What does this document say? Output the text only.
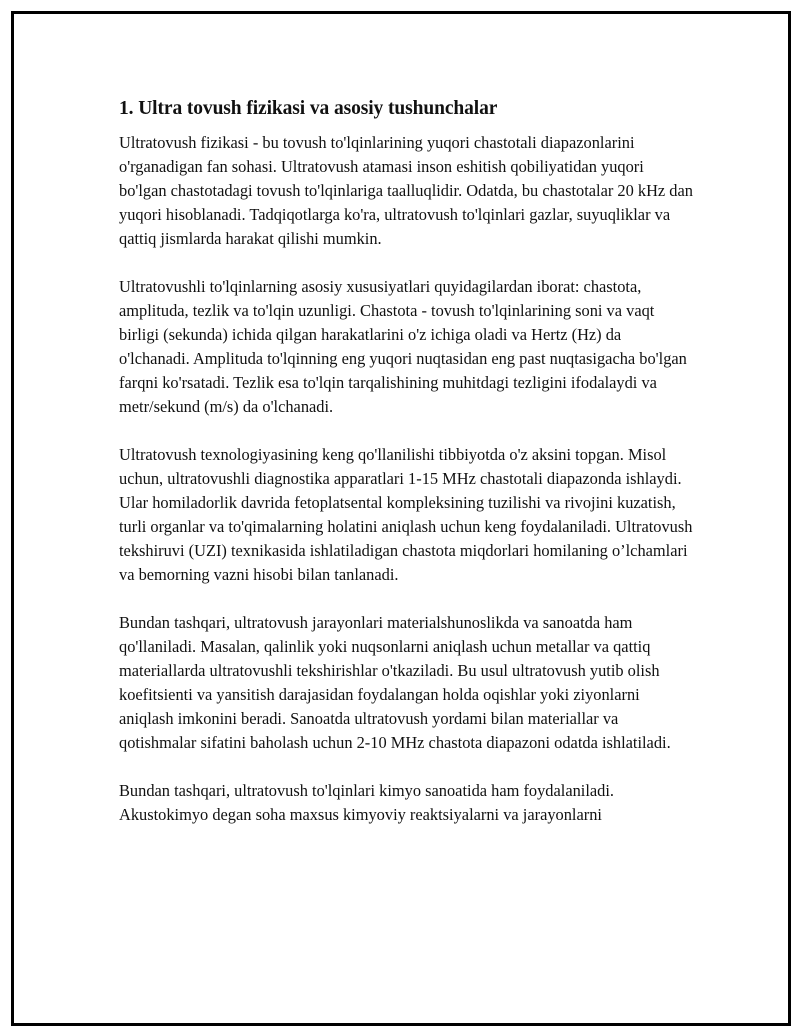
1. Ultra tovush fizikasi va asosiy tushunchalar

Ultratovush fizikasi - bu tovush to'lqinlarining yuqori chastotali diapazonlarini o'rganadigan fan sohasi. Ultratovush atamasi inson eshitish qobiliyatidan yuqori bo'lgan chastotadagi tovush to'lqinlariga taalluqlidir. Odatda, bu chastotalar 20 kHz dan yuqori hisoblanadi. Tadqiqotlarga ko'ra, ultratovush to'lqinlari gazlar, suyuqliklar va qattiq jismlarda harakat qilishi mumkin.

Ultratovushli to'lqinlarning asosiy xususiyatlari quyidagilardan iborat: chastota, amplituda, tezlik va to'lqin uzunligi. Chastota - tovush to'lqinlarining soni va vaqt birligi (sekunda) ichida qilgan harakatlarini o'z ichiga oladi va Hertz (Hz) da o'lchanadi. Amplituda to'lqinning eng yuqori nuqtasidan eng past nuqtasigacha bo'lgan farqni ko'rsatadi. Tezlik esa to'lqin tarqalishining muhitdagi tezligini ifodalaydi va metr/sekund (m/s) da o'lchanadi.

Ultratovush texnologiyasining keng qo'llanilishi tibbiyotda o'z aksini topgan. Misol uchun, ultratovushli diagnostika apparatlari 1-15 MHz chastotali diapazonda ishlaydi. Ular homiladorlik davrida fetoplatsental kompleksining tuzilishi va rivojini kuzatish, turli organlar va to'qimalarning holatini aniqlash uchun keng foydalaniladi. Ultratovush tekshiruvi (UZI) texnikasida ishlatiladigan chastota miqdorlari homilaning o’lchamlari va bemorning vazni hisobi bilan tanlanadi.

Bundan tashqari, ultratovush jarayonlari materialshunoslikda va sanoatda ham qo'llaniladi. Masalan, qalinlik yoki nuqsonlarni aniqlash uchun metallar va qattiq materiallarda ultratovushli tekshirishlar o'tkaziladi. Bu usul ultratovush yutib olish koefitsienti va yansitish darajasidan foydalangan holda oqishlar yoki ziyonlarni aniqlash imkonini beradi. Sanoatda ultratovush yordami bilan materiallar va qotishmalar sifatini baholash uchun 2-10 MHz chastota diapazoni odatda ishlatiladi.

Bundan tashqari, ultratovush to'lqinlari kimyo sanoatida ham foydalaniladi. Akustokimyo degan soha maxsus kimyoviy reaktsiyalarni va jarayonlarni
